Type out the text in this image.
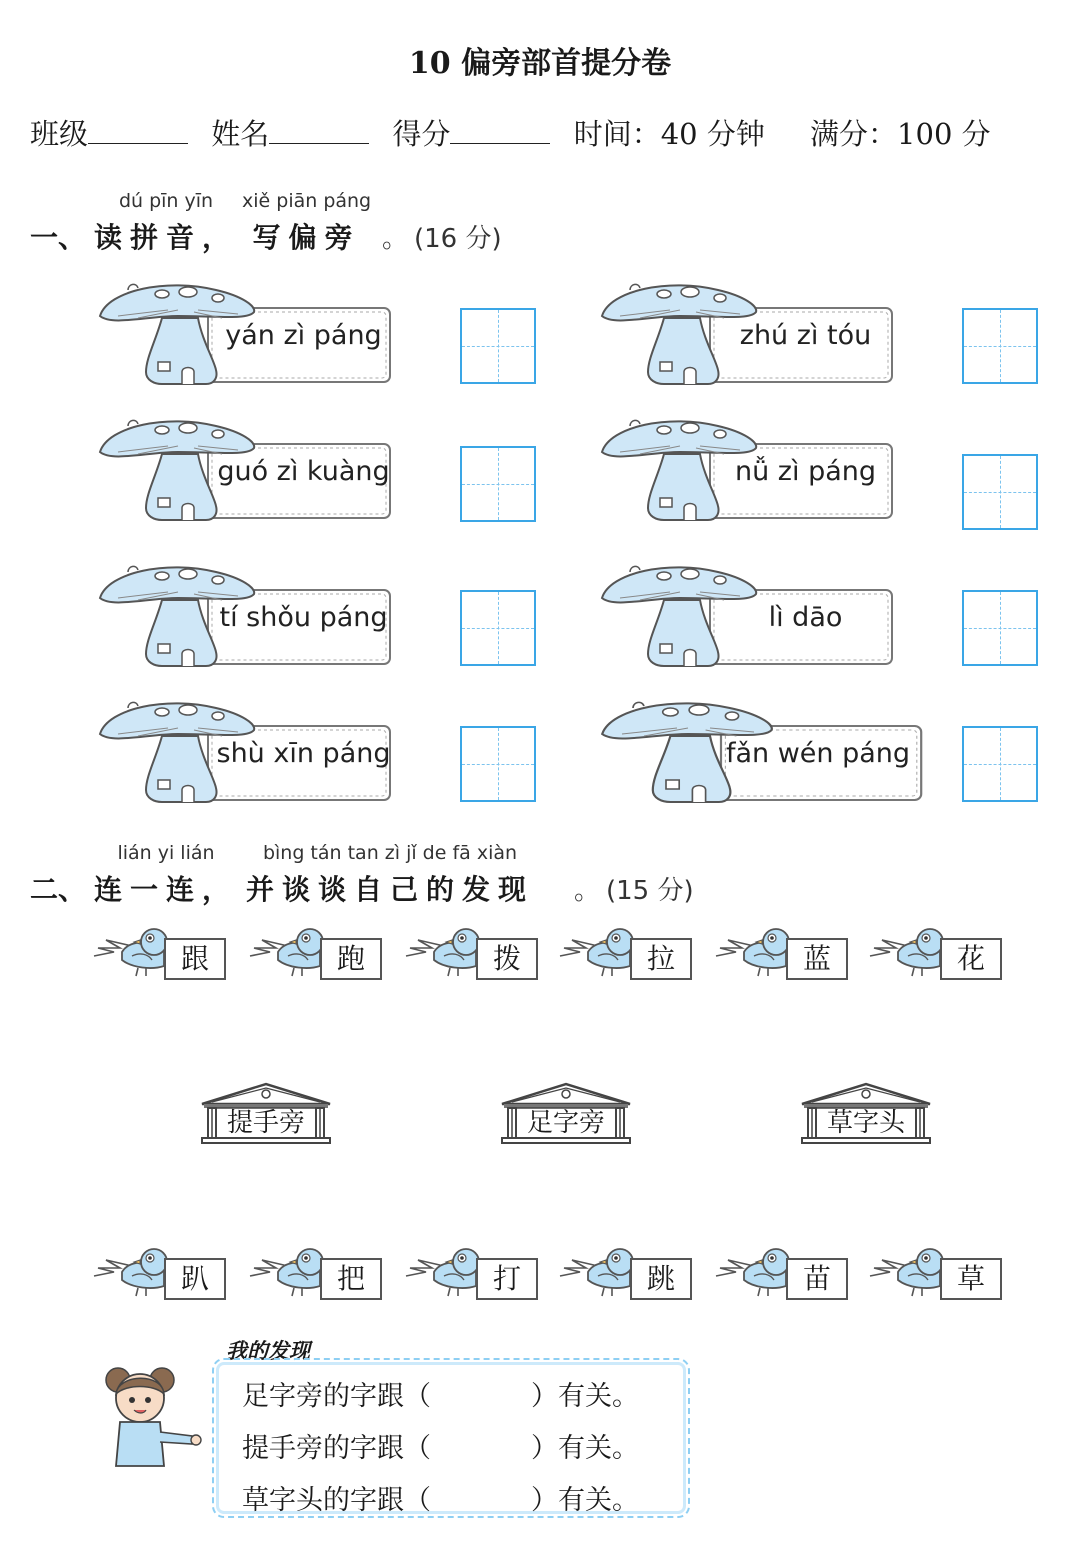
10 偏旁部首提分卷
班级	姓名	得分	时间：40 分钟 满分：100 分
一、
dú pīn yīn
读拼音，
xiě piān páng
写偏旁 。 (16 分)
yán zì páng	zhú zì tóu
guó zì kuàng	nǚ zì páng
tí shǒu páng	lì dāo
shù xīn páng	fǎn wén páng
二、
lián yi lián
连一连，
bìng tán tan zì jǐ de fā xiàn
并谈谈自己的发现 。 (15 分)
跟	跑	拨	拉	蓝	花
提手旁	足字旁	草字头
趴	把	打	跳	苗	草
我的发现
足字旁的字跟（	）有关。
提手旁的字跟（	）有关。
草字头的字跟（	）有关。
